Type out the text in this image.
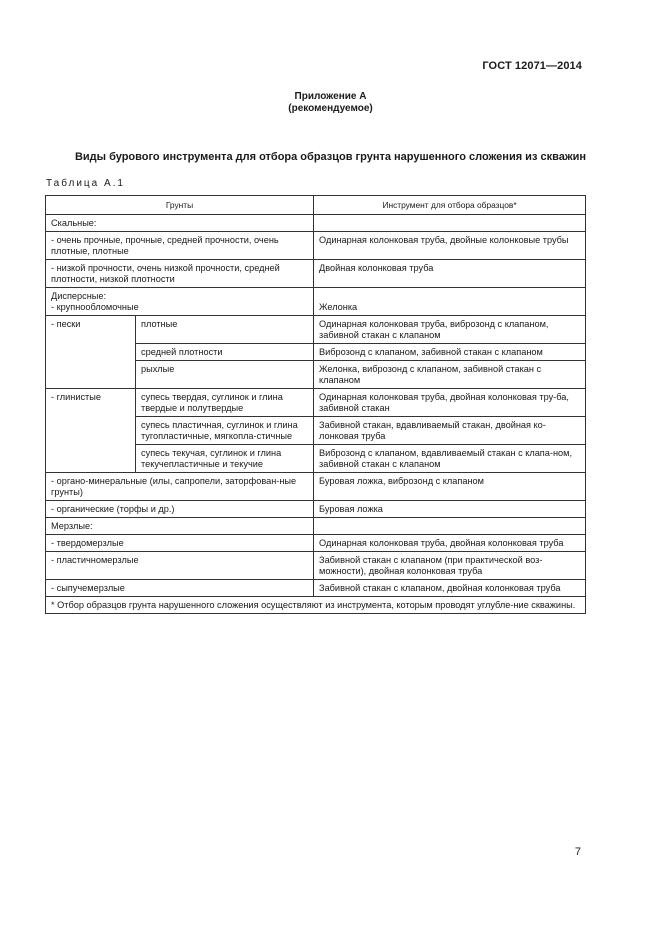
ГОСТ 12071—2014
Приложение А
(рекомендуемое)
Виды бурового инструмента для отбора образцов грунта нарушенного сложения из скважин
Таблица А.1
Грунты		Инструмент для отбора образцов*
Скальные:		
- очень прочные, прочные, средней прочности, очень плотные, плотные		Одинарная колонковая труба, двойные колонковые трубы
- низкой прочности, очень низкой прочности, средней плотности, низкой плотности		Двойная колонковая труба

Дисперсные:
- крупнообломочные		Желонка
- пески	плотные	Одинарная колонковая труба, виброзонд с клапаном, забивной стакан с клапаном
	средней плотности	Виброзонд с клапаном, забивной стакан с клапаном
	рыхлые	Желонка, виброзонд с клапаном, забивной стакан с клапаном
- глинистые	супесь твердая, суглинок и глина твердые и полутвердые	Одинарная колонковая труба, двойная колонковая тру-ба, забивной стакан
	супесь пластичная, суглинок и глина тугопластичные, мягкопла-стичные	Забивной стакан, вдавливаемый стакан, двойная ко-лонковая труба
	супесь текучая, суглинок и глина текучепластичные и текучие	Виброзонд с клапаном, вдавливаемый стакан с клапа-ном, забивной стакан с клапаном
- органо-минеральные (илы, сапропели, заторфован-ные грунты)		Буровая ложка, виброзонд с клапаном
- органические (торфы и др.)		Буровая ложка
Мерзлые:		
- твердомерзлые		Одинарная колонковая труба, двойная колонковая труба
- пластичномерзлые		Забивной стакан с клапаном (при практической воз-можности), двойная колонковая труба
- сыпучемерзлые		Забивной стакан с клапаном, двойная колонковая труба
* Отбор образцов грунта нарушенного сложения осуществляют из инструмента, которым проводят углубле-ние скважины.		
7
